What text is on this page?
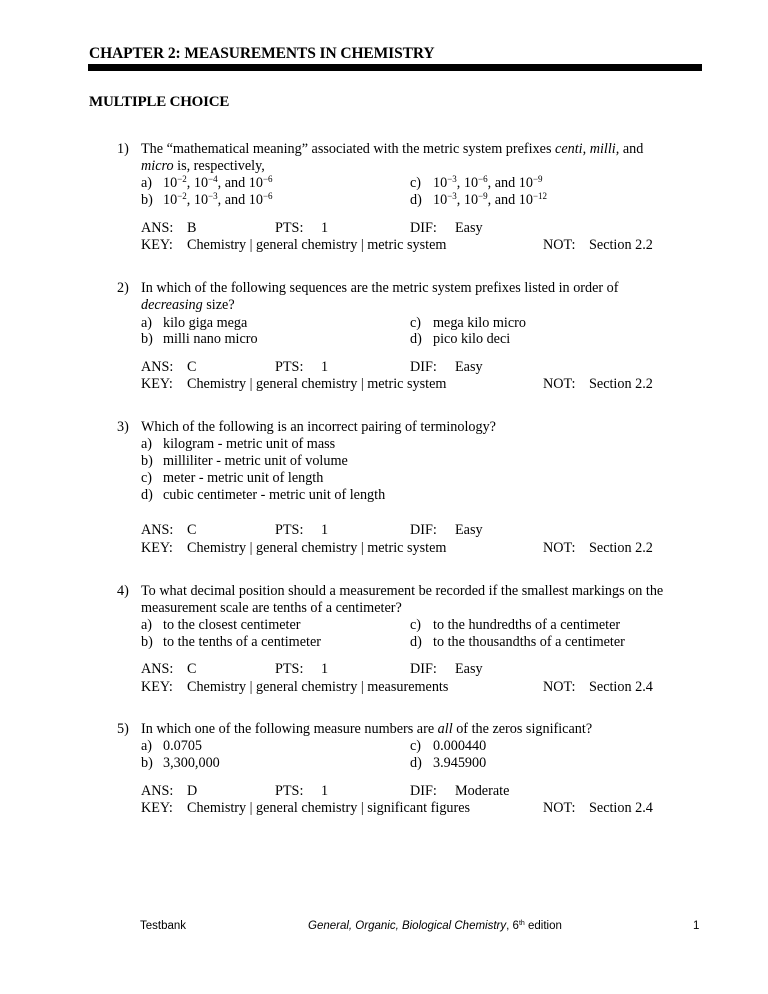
CHAPTER 2: MEASUREMENTS IN CHEMISTRY
MULTIPLE CHOICE
1) The “mathematical meaning” associated with the metric system prefixes centi, milli, and
micro is, respectively,
a) $10^{-2}$, $10^{-4}$, and $10^{-6}$	c) $10^{-3}$, $10^{-6}$, and $10^{-9}$
b) $10^{-2}$, $10^{-3}$, and $10^{-6}$	d) $10^{-3}$, $10^{-9}$, and $10^{-12}$
ANS: B	PTS: 1	DIF: Easy
KEY: Chemistry | general chemistry | metric system	NOT: Section 2.2
2) In which of the following sequences are the metric system prefixes listed in order of
decreasing size?
a) kilo giga mega	c) mega kilo micro
b) milli nano micro	d) pico kilo deci
ANS: C	PTS: 1	DIF: Easy
KEY: Chemistry | general chemistry | metric system	NOT: Section 2.2
3) Which of the following is an incorrect pairing of terminology?
a) kilogram - metric unit of mass
b) milliliter - metric unit of volume
c) meter - metric unit of length
d) cubic centimeter - metric unit of length
ANS: C	PTS: 1	DIF: Easy
KEY: Chemistry | general chemistry | metric system	NOT: Section 2.2
4) To what decimal position should a measurement be recorded if the smallest markings on the
measurement scale are tenths of a centimeter?
a) to the closest centimeter	c) to the hundredths of a centimeter
b) to the tenths of a centimeter	d) to the thousandths of a centimeter
ANS: C	PTS: 1	DIF: Easy
KEY: Chemistry | general chemistry | measurements	NOT: Section 2.4
5) In which one of the following measure numbers are all of the zeros significant?
a) 0.0705	c) 0.000440
b) 3,300,000	d) 3.945900
ANS: D	PTS: 1	DIF: Moderate
KEY: Chemistry | general chemistry | significant figures	NOT: Section 2.4
Testbank	General, Organic, Biological Chemistry, 6th edition	1
